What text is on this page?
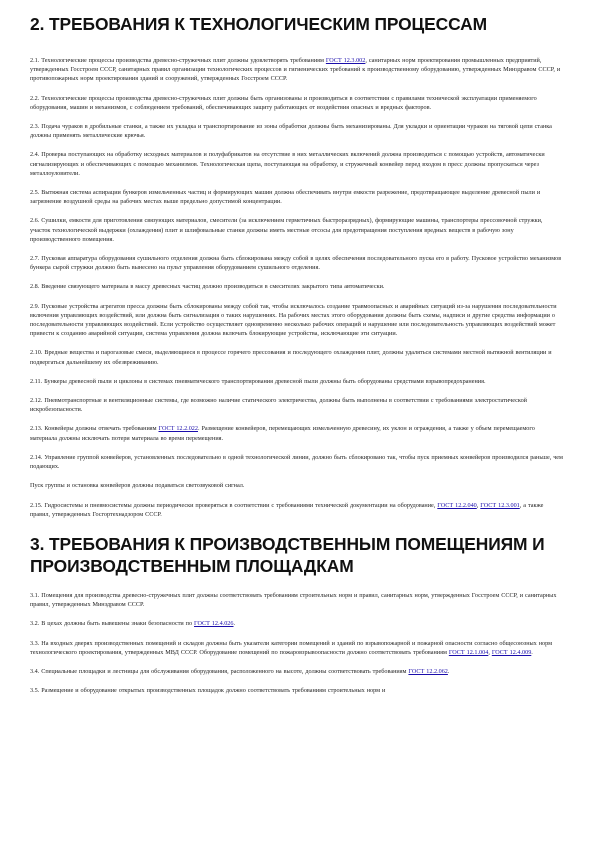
2. ТРЕБОВАНИЯ К ТЕХНОЛОГИЧЕСКИМ ПРОЦЕССАМ

2.1. Технологические процессы производства древесно-стружечных плит должны удовлетворять требованиям ГОСТ 12.3.002, санитарных норм проектирования промышленных предприятий, утвержденных Госстроем СССР, санитарных правил организации технологических процессов и гигиенических требований к производственному оборудованию, утвержденных Минздравом СССР, и противопожарных норм проектирования зданий и сооружений, утвержденных Госстроем СССР.

2.2. Технологические процессы производства древесно-стружечных плит должны быть организованы и производиться в соответствии с правилами технической эксплуатации применяемого оборудования, машин и механизмов, с соблюдением требований, обеспечивающих защиту работающих от воздействия опасных и вредных факторов.

2.3. Подача чураков в дробильные станки, а также их укладка и транспортирование из зоны обработки должны быть механизированы. Для укладки и ориентации чураков на тяговой цепи станка должны применять металлические крючья.

2.4. Проверка поступающих на обработку исходных материалов и полуфабрикатов на отсутствие в них металлических включений должна производиться с помощью устройств, автоматически сигнализирующих и обеспечивающих с помощью механизмов. Технологическая щепа, поступающая на обработку, и стружечный конвейер перед входом в пресс должны пропускаться через металлоуловители.

2.5. Вытяжная система аспирации бункеров измельченных частиц и формирующих машин должна обеспечивать внутри емкости разрежение, предотвращающее выделение древесной пыли и загрязнение воздушной среды на рабочих местах выше предельно допустимой концентрации.

2.6. Сушилки, емкости для приготовления связующих материалов, смесители (за исключением герметичных быстроразрядных), формирующие машины, транспортеры прессовочной стружки, участок технологической выдержки (охлаждения) плит и шлифовальные станки должны иметь местные отсосы для предотвращения поступления вредных веществ в рабочую зону производственного помещения.

2.7. Пусковая аппаратура оборудования сушильного отделения должна быть сблокирована между собой в целях обеспечения последовательного пуска его в работу. Пусковое устройство механизмов бункера сырой стружки должно быть вынесено на пульт управления оборудованием сушильного отделения.

2.8. Введение связующего материала в массу древесных частиц должно производиться в смесителях закрытого типа автоматически.

2.9. Пусковые устройства агрегатов пресса должны быть сблокированы между собой так, чтобы исключалось создание травмоопасных и аварийных ситуаций из-за нарушения последовательности включения управляющих воздействий, или должна быть сигнализация о таких нарушениях. На рабочих местах этого оборудования должны быть схемы, надписи и другие средства информации о последовательности управляющих воздействий. Если устройство осуществляет одновременно несколько рабочих операций и нарушение или последовательность управляющих воздействий может привести к созданию аварийной ситуации, система управления должна включать блокирующие устройства, исключающие эти ситуации.

2.10. Вредные вещества и парогазовые смеси, выделяющиеся в процессе горячего прессования и последующего охлаждения плит, должны удаляться системами местной вытяжной вентиляции и подвергаться дальнейшему их обезвреживанию.

2.11. Бункеры древесной пыли и циклоны в системах пневматического транспортирования древесной пыли должны быть оборудованы средствами взрывопредохранения.

2.12. Пневмотранспортные и вентиляционные системы, где возможно наличие статического электричества, должны быть выполнены в соответствии с требованиями электростатической искробезопасности.

2.13. Конвейеры должны отвечать требованиям ГОСТ 12.2.022. Размещение конвейеров, перемещающих измельченную древесину, их уклон и ограждения, а также у объем перемещаемого материала должны исключать потери материала во время перемещения.

2.14. Управление группой конвейеров, установленных последовательно в одной технологической линии, должно быть сблокировано так, чтобы пуск приемных конвейеров производился раньше, чем подающих.

Пуск группы и остановка конвейеров должны подаваться светозвуковой сигнал.

2.15. Гидросистемы и пневмосистемы должны периодически проверяться в соответствии с требованиями технической документации на оборудование, ГОСТ 12.2.040, ГОСТ 12.3.001, а также правил, утвержденных Госгортехнадзором СССР.

3. ТРЕБОВАНИЯ К ПРОИЗВОДСТВЕННЫМ ПОМЕЩЕНИЯМ И ПРОИЗВОДСТВЕННЫМ ПЛОЩАДКАМ

3.1. Помещения для производства древесно-стружечных плит должны соответствовать требованиям строительных норм и правил, санитарных норм, утвержденных Госстроем СССР, и санитарных правил, утвержденных Минздравом СССР.

3.2. В цехах должны быть вывешены знаки безопасности по ГОСТ 12.4.026.

3.3. На входных дверях производственных помещений и складов должны быть указатели категории помещений и зданий по взрывопожарной и пожарной опасности согласно общесоюзных норм технологического проектирования, утвержденных МВД СССР. Оборудование помещений по пожаровзрывоопасности должно соответствовать требованиям ГОСТ 12.1.004, ГОСТ 12.4.009.

3.4. Специальные площадки и лестницы для обслуживания оборудования, расположенного на высоте, должны соответствовать требованиям ГОСТ 12.2.062.

3.5. Размещение и оборудование открытых производственных площадок должно соответствовать требованиям строительных норм и
